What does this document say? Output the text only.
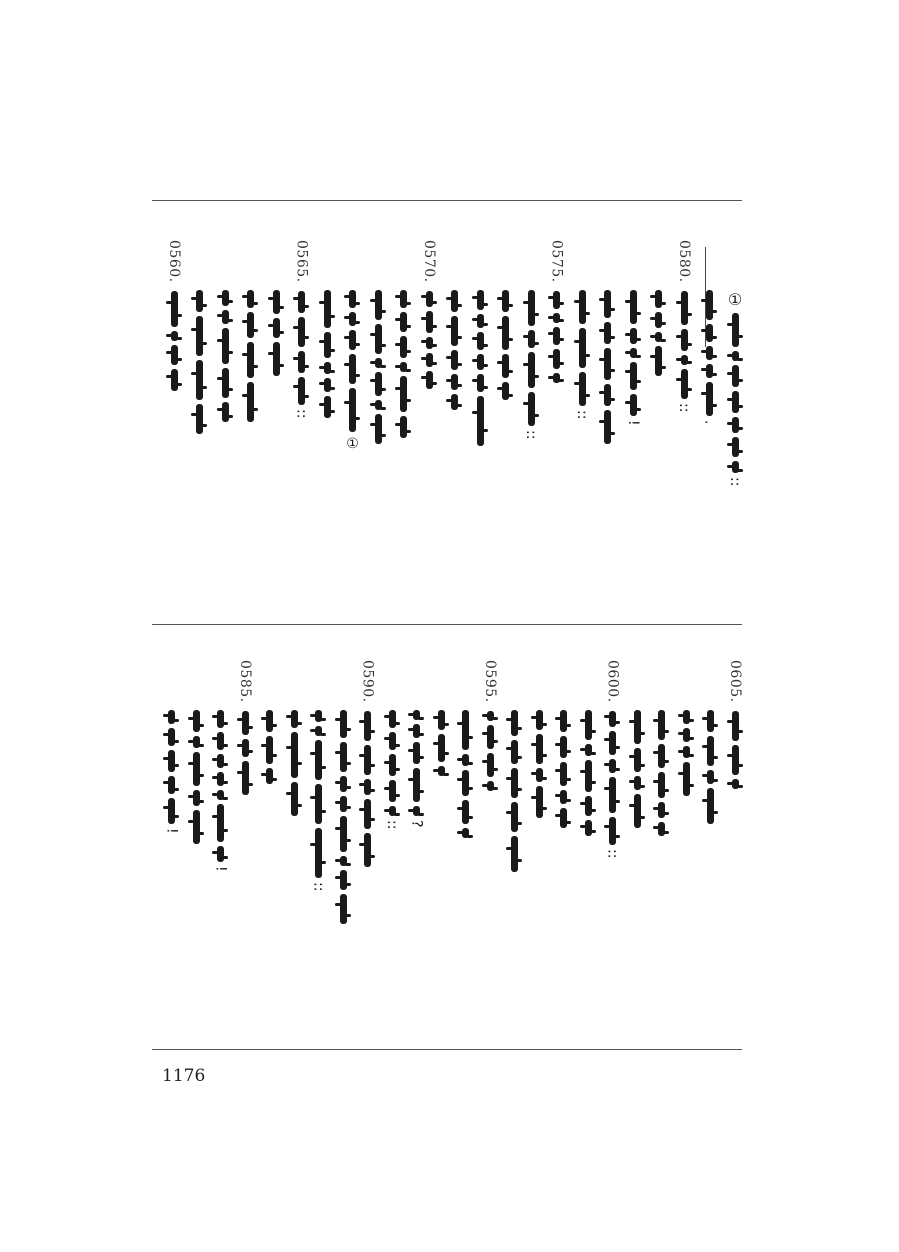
①
::
.
0580.
::
!
::
0575.
::
0570.
①
0565.
::
0560.
0605.
0600.
::
0595.
?
::
0590.
::
0585.
!
!
1176
